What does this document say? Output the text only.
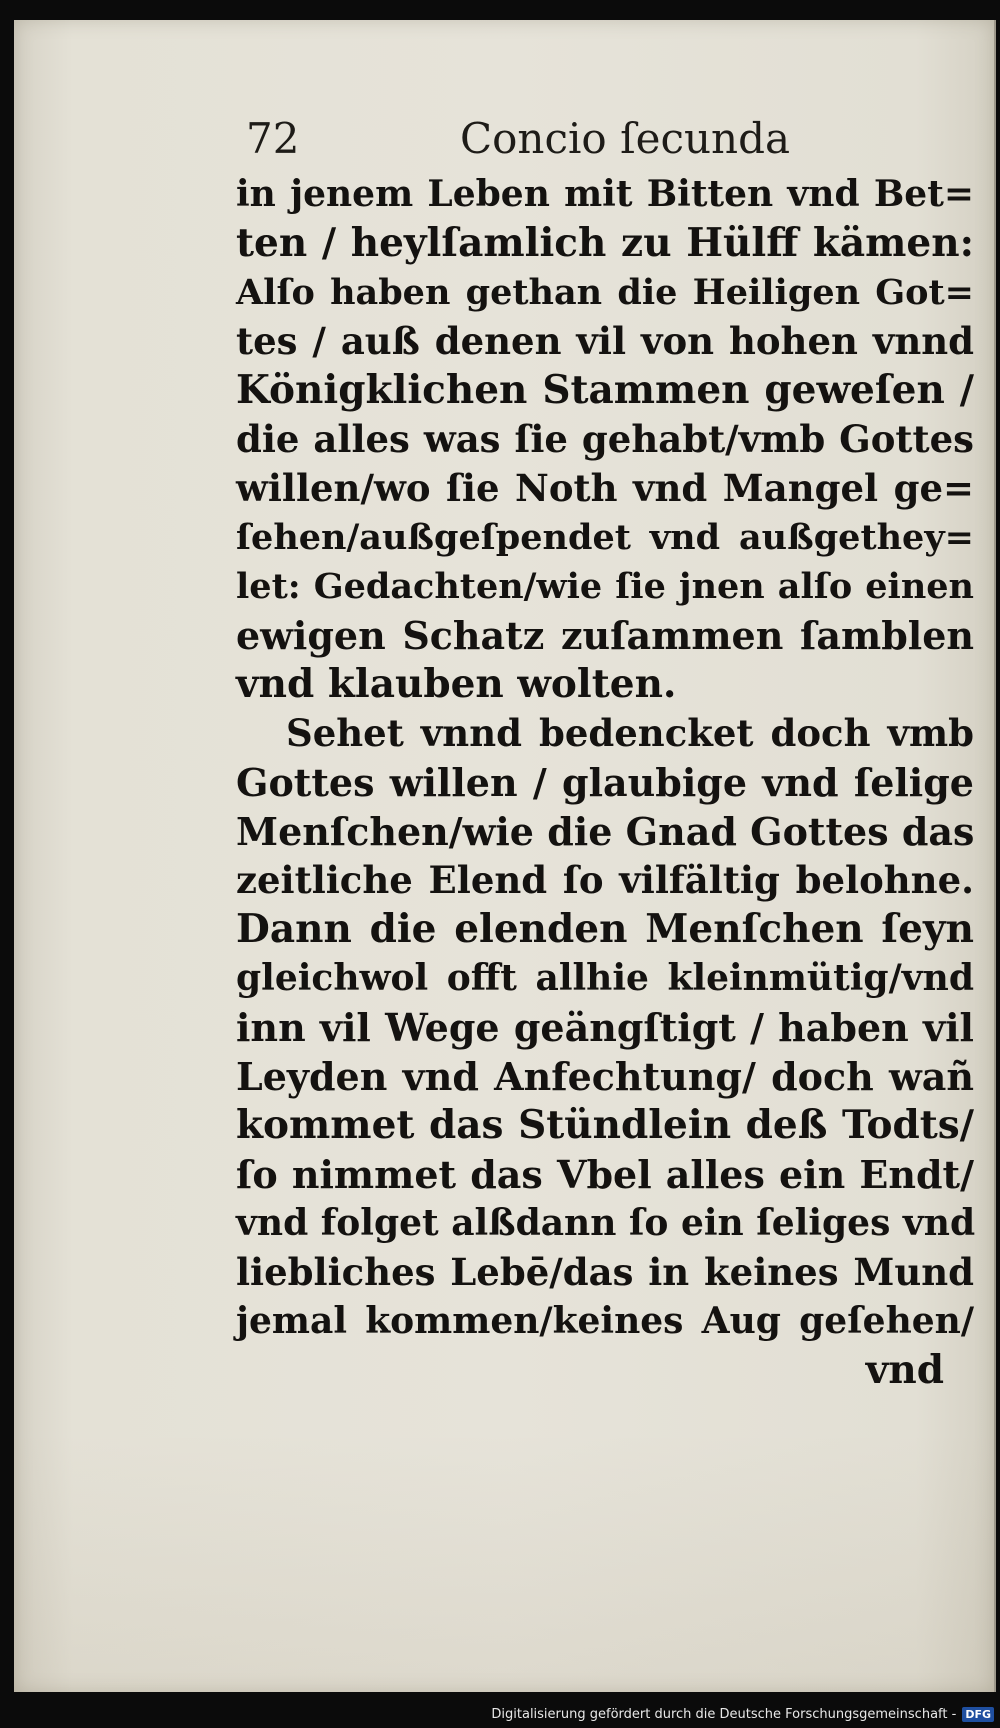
72	Concio ſecunda
in jenem Leben mit Bitten vnd Bet=
ten / heylſamlich zu Hülff kämen:
Alſo haben gethan die Heiligen Got=
tes / auß denen vil von hohen vnnd
Königklichen Stammen geweſen /
die alles was ſie gehabt/vmb Gottes
willen/wo ſie Noth vnd Mangel ge=
ſehen/außgeſpendet vnd außgethey=
let: Gedachten/wie ſie jnen alſo einen
ewigen Schatz zuſammen ſamblen
vnd klauben wolten.
Sehet vnnd bedencket doch vmb
Gottes willen / glaubige vnd ſelige
Menſchen/wie die Gnad Gottes das
zeitliche Elend ſo vilfältig belohne.
Dann die elenden Menſchen ſeyn
gleichwol offt allhie kleinmütig/vnd
inn vil Wege geängſtigt / haben vil
Leyden vnd Anfechtung/ doch wañ
kommet das Stündlein deß Todts/
ſo nimmet das Vbel alles ein Endt/
vnd folget alßdann ſo ein ſeliges vnd
liebliches Lebē/das in keines Mund
jemal kommen/keines Aug geſehen/
vnd
Digitalisierung gefördert durch die Deutsche Forschungsgemeinschaft - DFG
